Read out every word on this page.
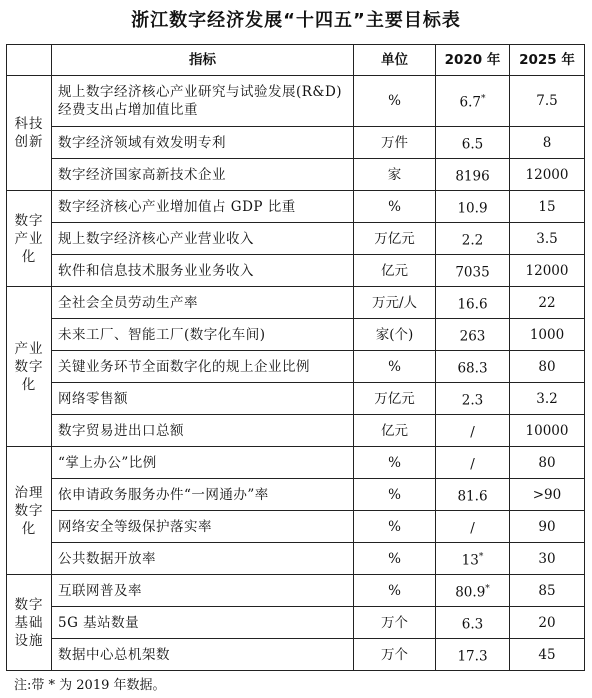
浙江数字经济发展“十四五”主要目标表
	指标	单位	2020 年	2025 年
科技创新	规上数字经济核心产业研究与试验发展(R&D)经费支出占增加值比重	%	6.7*	7.5
	数字经济领域有效发明专利	万件	6.5	8
	数字经济国家高新技术企业	家	8196	12000
数字产业化	数字经济核心产业增加值占 GDP 比重	%	10.9	15
	规上数字经济核心产业营业收入	万亿元	2.2	3.5
	软件和信息技术服务业业务收入	亿元	7035	12000
产业数字化	全社会全员劳动生产率	万元/人	16.6	22
	未来工厂、智能工厂(数字化车间)	家(个)	263	1000
	关键业务环节全面数字化的规上企业比例	%	68.3	80
	网络零售额	万亿元	2.3	3.2
	数字贸易进出口总额	亿元	/	10000
治理数字化	“掌上办公”比例	%	/	80
	依申请政务服务办件“一网通办”率	%	81.6	>90
	网络安全等级保护落实率	%	/	90
	公共数据开放率	%	13*	30
数字基础设施	互联网普及率	%	80.9*	85
	5G 基站数量	万个	6.3	20
	数据中心总机架数	万个	17.3	45
注:带 * 为 2019 年数据。
